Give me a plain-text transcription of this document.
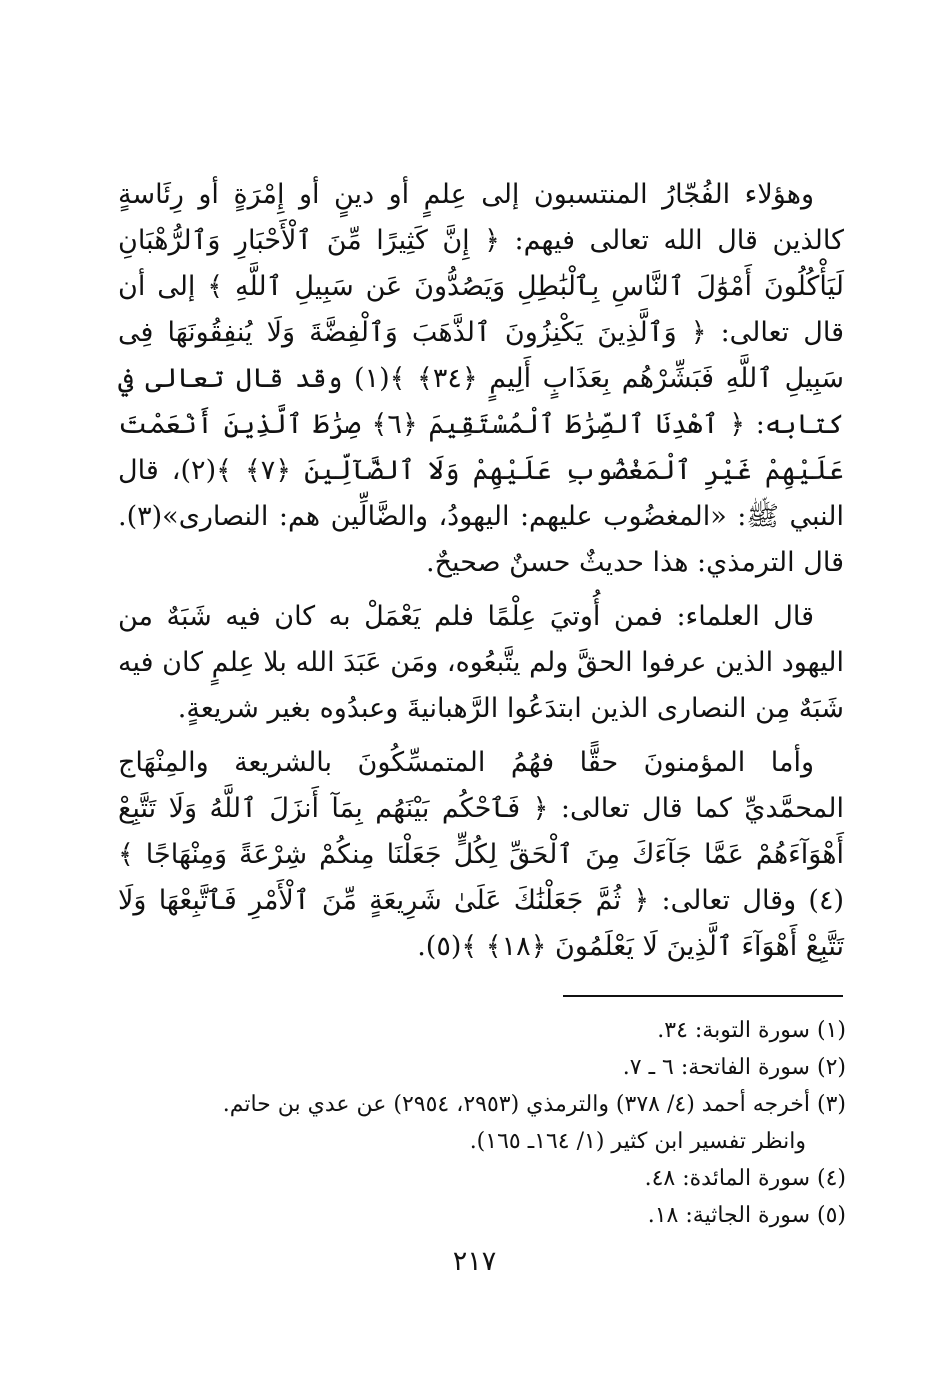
وهؤلاء الفُجّارُ المنتسبون إلى عِلمٍ أو دينٍ أو إِمْرَةٍ أو رِئَاسةٍ كالذين قال الله تعالى فيهم: ﴿ إِنَّ كَثِيرًا مِّنَ ٱلْأَحْبَارِ وَٱلرُّهْبَانِ لَيَأْكُلُونَ أَمْوَٰلَ ٱلنَّاسِ بِٱلْبَٰطِلِ وَيَصُدُّونَ عَن سَبِيلِ ٱللَّهِ ﴾ إلى أن قال تعالى: ﴿ وَٱلَّذِينَ يَكْنِزُونَ ٱلذَّهَبَ وَٱلْفِضَّةَ وَلَا يُنفِقُونَهَا فِى سَبِيلِ ٱللَّهِ فَبَشِّرْهُم بِعَذَابٍ أَلِيمٍ ﴿٣٤﴾ ﴾(١) وقد قال تعالى في كتابه: ﴿ ٱهْدِنَا ٱلصِّرَٰطَ ٱلْمُسْتَقِيمَ ﴿٦﴾ صِرَٰطَ ٱلَّذِينَ أَنْعَمْتَ عَلَيْهِمْ غَيْرِ ٱلْمَغْضُوبِ عَلَيْهِمْ وَلَا ٱلضَّآلِّينَ ﴿٧﴾ ﴾(٢)، قال النبي ﷺ: «المغضُوب عليهم: اليهودُ، والضَّالِّين هم: النصارى»(٣). قال الترمذي: هذا حديثٌ حسنٌ صحيحٌ.

قال العلماء: فمن أُوتيَ عِلْمًا فلم يَعْمَلْ به كان فيه شَبَهٌ من اليهود الذين عرفوا الحقَّ ولم يتَّبعُوه، ومَن عَبَدَ الله بلا عِلمٍ كان فيه شَبَهٌ مِن النصارى الذين ابتدَعُوا الرَّهبانيةَ وعبدُوه بغير شريعةٍ.

وأما المؤمنونَ حقًّا فهُمُ المتمسِّكُونَ بالشريعة والمِنْهَاج المحمَّديِّ كما قال تعالى: ﴿ فَٱحْكُم بَيْنَهُم بِمَآ أَنزَلَ ٱللَّهُ وَلَا تَتَّبِعْ أَهْوَآءَهُمْ عَمَّا جَآءَكَ مِنَ ٱلْحَقِّ لِكُلٍّ جَعَلْنَا مِنكُمْ شِرْعَةً وَمِنْهَاجًا ﴾(٤) وقال تعالى: ﴿ ثُمَّ جَعَلْنَٰكَ عَلَىٰ شَرِيعَةٍ مِّنَ ٱلْأَمْرِ فَٱتَّبِعْهَا وَلَا تَتَّبِعْ أَهْوَآءَ ٱلَّذِينَ لَا يَعْلَمُونَ ﴿١٨﴾ ﴾(٥).

(١) سورة التوبة: ٣٤.
(٢) سورة الفاتحة: ٦ ـ ٧.
(٣) أخرجه أحمد (٤/ ٣٧٨) والترمذي (٢٩٥٣، ٢٩٥٤) عن عدي بن حاتم.
وانظر تفسير ابن كثير (١/ ١٦٤ـ ١٦٥).
(٤) سورة المائدة: ٤٨.
(٥) سورة الجاثية: ١٨.
٢١٧
